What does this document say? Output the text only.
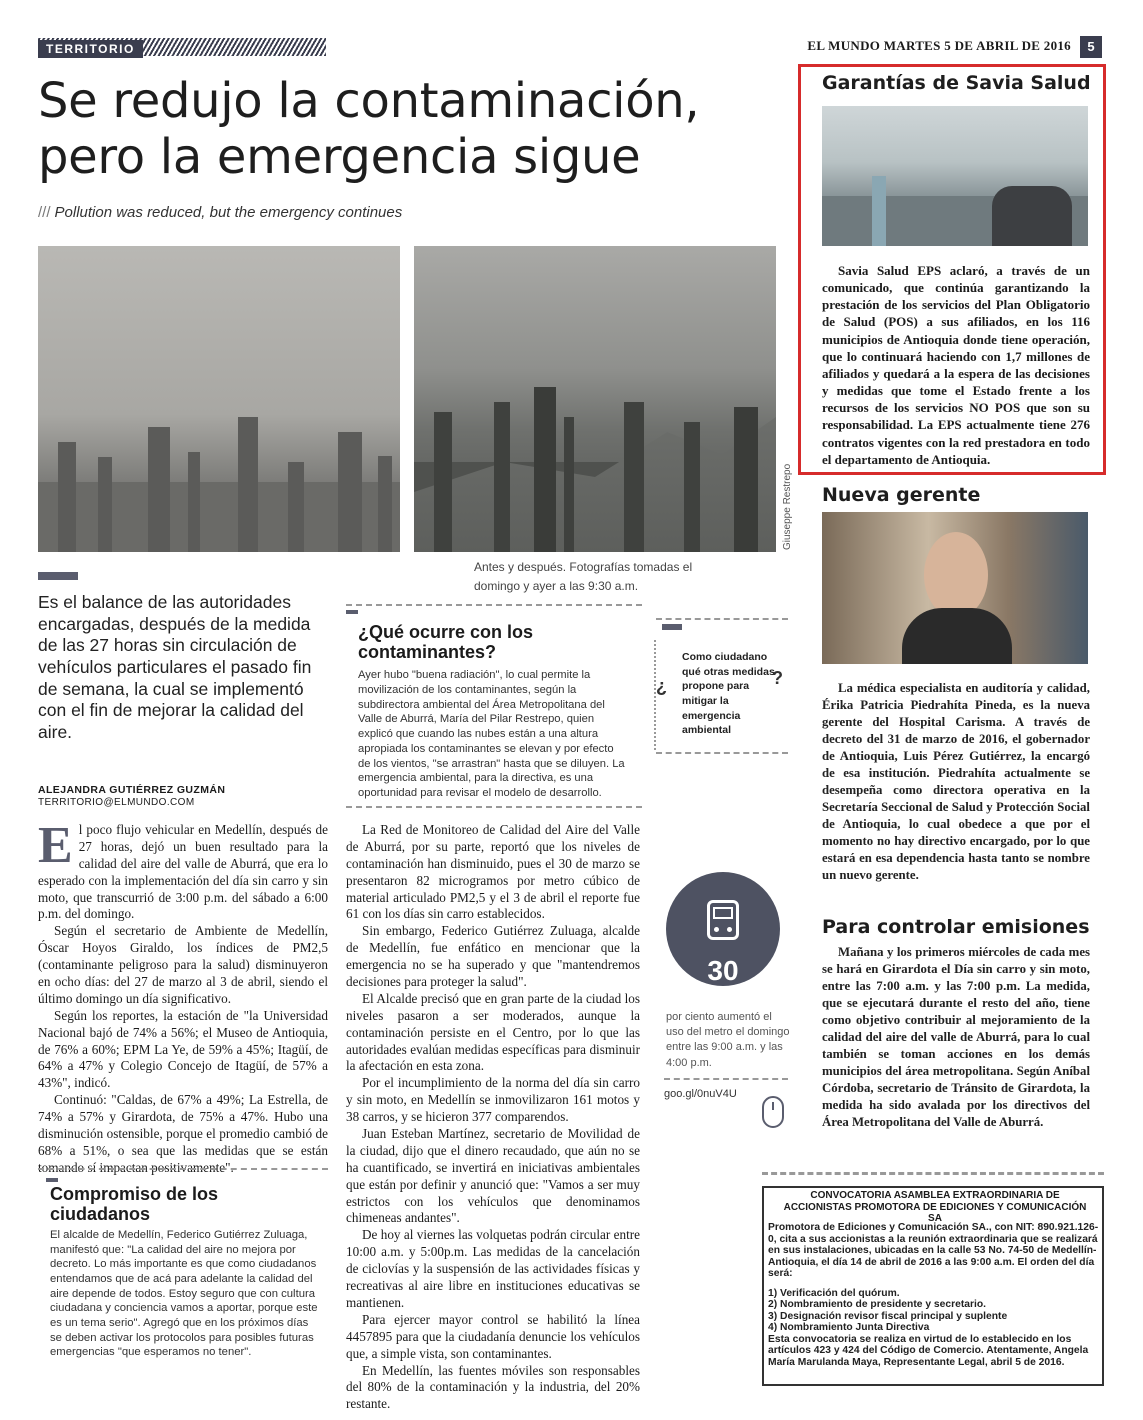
TERRITORIO	EL MUNDO MARTES 5 DE ABRIL DE 2016	5
Se redujo la contaminación,
pero la emergencia sigue
/// Pollution was reduced, but the emergency continues
Giuseppe Restrepo
Antes y después. Fotografías tomadas el domingo y ayer a las 9:30 a.m.
Es el balance de las autoridades encargadas, después de la medida de las 27 horas sin circulación de vehículos particulares el pasado fin de semana, la cual se implementó con el fin de mejorar la calidad del aire.
ALEJANDRA GUTIÉRREZ GUZMÁN
TERRITORIO@ELMUNDO.COM
E l poco flujo vehicular en Medellín, después de 27 horas, dejó un buen resultado para la calidad del aire del valle de Aburrá, que era lo esperado con la implementación del día sin carro y sin moto, que transcurrió de 3:00 p.m. del sábado a 6:00 p.m. del domingo.

Según el secretario de Ambiente de Medellín, Óscar Hoyos Giraldo, los índices de PM2,5 (contaminante peligroso para la salud) disminuyeron en ocho días: del 27 de marzo al 3 de abril, siendo el último domingo un día significativo.

Según los reportes, la estación de "la Universidad Nacional bajó de 74% a 56%; el Museo de Antioquia, de 76% a 60%; EPM La Ye, de 59% a 45%; Itagüí, de 64% a 47% y Colegio Concejo de Itagüí, de 57% a 43%", indicó.

Continuó: "Caldas, de 67% a 49%; La Estrella, de 74% a 57% y Girardota, de 75% a 47%. Hubo una disminución ostensible, porque el promedio cambió de 68% a 51%, o sea que las medidas que se están tomando sí impactan positivamente".

Compromiso de los ciudadanos
El alcalde de Medellín, Federico Gutiérrez Zuluaga, manifestó que: "La calidad del aire no mejora por decreto. Lo más importante es que como ciudadanos entendamos que de acá para adelante la calidad del aire depende de todos. Estoy seguro que con cultura ciudadana y conciencia vamos a aportar, porque este es un tema serio". Agregó que en los próximos días se deben activar los protocolos para posibles futuras emergencias "que esperamos no tener".
¿Qué ocurre con los contaminantes?
Ayer hubo "buena radiación", lo cual permite la movilización de los contaminantes, según la subdirectora ambiental del Área Metropolitana del Valle de Aburrá, María del Pilar Restrepo, quien explicó que cuando las nubes están a una altura apropiada los contaminantes se elevan y por efecto de los vientos, "se arrastran" hasta que se diluyen. La emergencia ambiental, para la directiva, es una oportunidad para revisar el modelo de desarrollo.
¿
Como ciudadano qué otras medidas propone para mitigar la emergencia ambiental
?

La Red de Monitoreo de Calidad del Aire del Valle de Aburrá, por su parte, reportó que los niveles de contaminación han disminuido, pues el 30 de marzo se presentaron 82 microgramos por metro cúbico de material articulado PM2,5 y el 3 de abril el reporte fue 61 con los días sin carro establecidos.

Sin embargo, Federico Gutiérrez Zuluaga, alcalde de Medellín, fue enfático en mencionar que la emergencia no se ha superado y que "mantendremos decisiones para proteger la salud".

El Alcalde precisó que en gran parte de la ciudad los niveles pasaron a ser moderados, aunque la contaminación persiste en el Centro, por lo que las autoridades evalúan medidas específicas para disminuir la afectación en esta zona.

Por el incumplimiento de la norma del día sin carro y sin moto, en Medellín se inmovilizaron 161 motos y 38 carros, y se hicieron 377 comparendos.

Juan Esteban Martínez, secretario de Movilidad de la ciudad, dijo que el dinero recaudado, que aún no se ha cuantificado, se invertirá en iniciativas ambientales que están por definir y anunció que: "Vamos a ser muy estrictos con los vehículos que denominamos chimeneas andantes".

De hoy al viernes las volquetas podrán circular entre 10:00 a.m. y 5:00p.m. Las medidas de la cancelación de ciclovías y la suspensión de las actividades físicas y recreativas al aire libre en instituciones educativas se mantienen.

Para ejercer mayor control se habilitó la línea 4457895 para que la ciudadanía denuncie los vehículos que, a simple vista, son contaminantes.

En Medellín, las fuentes móviles son responsables del 80% de la contaminación y la industria, del 20% restante.

30
por ciento aumentó el uso del metro el domingo entre las 9:00 a.m. y las 4:00 p.m.
goo.gl/0nuV4U
Garantías de Savia Salud
Savia Salud EPS aclaró, a través de un comunicado, que continúa garantizando la prestación de los servicios del Plan Obligatorio de Salud (POS) a sus afiliados, en los 116 municipios de Antioquia donde tiene operación, que lo continuará haciendo con 1,7 millones de afiliados y quedará a la espera de las decisiones y medidas que tome el Estado frente a los recursos de los servicios NO POS que son su responsabilidad. La EPS actualmente tiene 276 contratos vigentes con la red prestadora en todo el departamento de Antioquia.
Nueva gerente
La médica especialista en auditoría y calidad, Érika Patricia Piedrahíta Pineda, es la nueva gerente del Hospital Carisma. A través de decreto del 31 de marzo de 2016, el gobernador de Antioquia, Luis Pérez Gutiérrez, la encargó de esa institución. Piedrahíta actualmente se desempeña como directora operativa en la Secretaría Seccional de Salud y Protección Social de Antioquia, lo cual obedece a que por el momento no hay directivo encargado, por lo que estará en esa dependencia hasta tanto se nombre un nuevo gerente.
Para controlar emisiones
Mañana y los primeros miércoles de cada mes se hará en Girardota el Día sin carro y sin moto, entre las 7:00 a.m. y las 7:00 p.m. La medida, que se ejecutará durante el resto del año, tiene como objetivo contribuir al mejoramiento de la calidad del aire del valle de Aburrá, para lo cual también se toman acciones en los demás municipios del área metropolitana. Según Aníbal Córdoba, secretario de Tránsito de Girardota, la medida ha sido avalada por los directivos del Área Metropolitana del Valle de Aburrá.
CONVOCATORIA ASAMBLEA EXTRAORDINARIA DE ACCIONISTAS PROMOTORA DE EDICIONES Y COMUNICACIÓN SA
Promotora de Ediciones y Comunicación SA., con NIT: 890.921.126-0, cita a sus accionistas a la reunión extraordinaria que se realizará en sus instalaciones, ubicadas en la calle 53 No. 74-50 de Medellín-Antioquia, el día 14 de abril de 2016 a las 9:00 a.m. El orden del día será:
1) Verificación del quórum.
2) Nombramiento de presidente y secretario.
3) Designación revisor fiscal principal y suplente
4) Nombramiento Junta Directiva
Esta convocatoria se realiza en virtud de lo establecido en los artículos 423 y 424 del Código de Comercio. Atentamente, Angela María Marulanda Maya, Representante Legal, abril 5 de 2016.
